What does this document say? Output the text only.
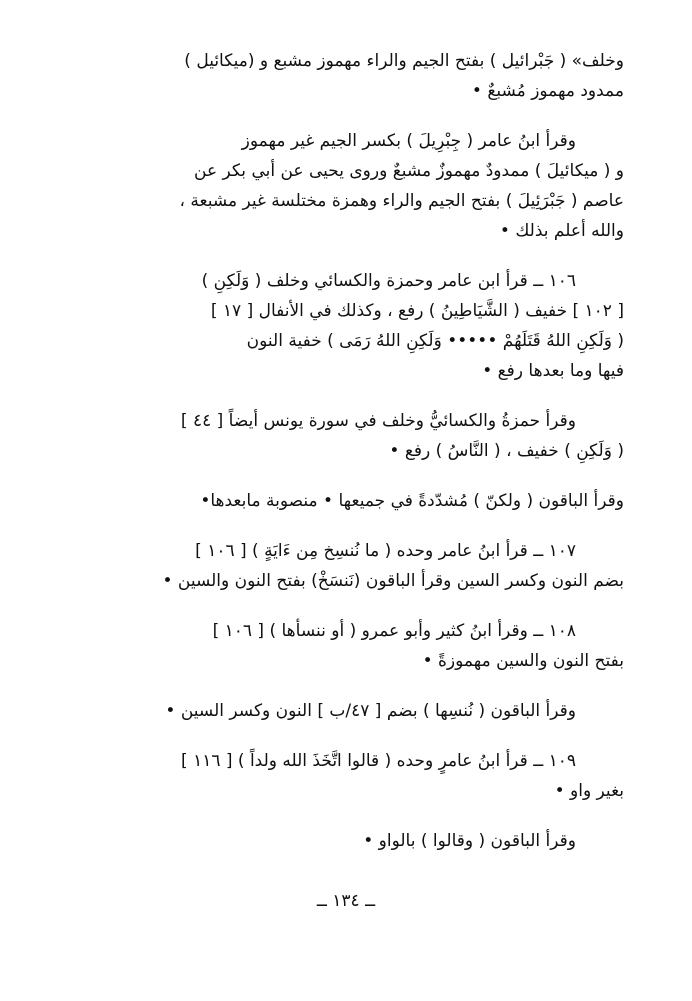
وخلف» ( جَبْرائيل ) بفتح الجيم والراء مهموز مشبع و (ميكائيل )
ممدود مهموز مُشبعٌ •
وقرأ ابنُ عامر ( جِبْرِيلَ ) بكسر الجيم غير مهموز
و ( ميكائيلَ ) ممدودٌ مهموزٌ مشبعٌ وروى يحيى عن أبي بكر عن
عاصم ( جَبْرَئِيلَ ) بفتح الجيم والراء وهمزة مختلسة غير مشبعة ،
والله أعلم بذلك •
١٠٦ ــ قرأ ابن عامر وحمزة والكسائي وخلف ( وَلَكِنِ )
[ ١٠٢ ] خفيف ( الشَّيَاطِينُ ) رفع ، وكذلك في الأنفال [ ١٧ ]
( وَلَكِنِ اللهُ قَتَلَهُمْ ••••• وَلَكِنِ اللهُ رَمَى ) خفية النون
فيها وما بعدها رفع •
وقرأ حمزةُ والكسائيُّ وخلف في سورة يونس أيضاً [ ٤٤ ]
( وَلَكِنِ ) خفيف ، ( النَّاسُ ) رفع •
وقرأ الباقون ( ولكنّ ) مُشدّدةً في جميعها • منصوبة مابعدها•
١٠٧ ــ قرأ ابنُ عامر وحده ( ما نُنسِخ مِن ءَايَةٍ ) [ ١٠٦ ]
بضم النون وكسر السين وقرأ الباقون (نَنسَخْ) بفتح النون والسين •
١٠٨ ــ وقرأ ابنُ كثير وأبو عمرو ( أو ننسأها ) [ ١٠٦ ]
بفتح النون والسين مهموزةً •
وقرأ الباقون ( نُنسِها ) بضم [ ٤٧/ب ] النون وكسر السين •
١٠٩ ــ قرأ ابنُ عامرٍ وحده ( قالوا اتَّخَذَ الله ولداً ) [ ١١٦ ]
بغير واو •
وقرأ الباقون ( وقالوا ) بالواو •
ــ ١٣٤ ــ
